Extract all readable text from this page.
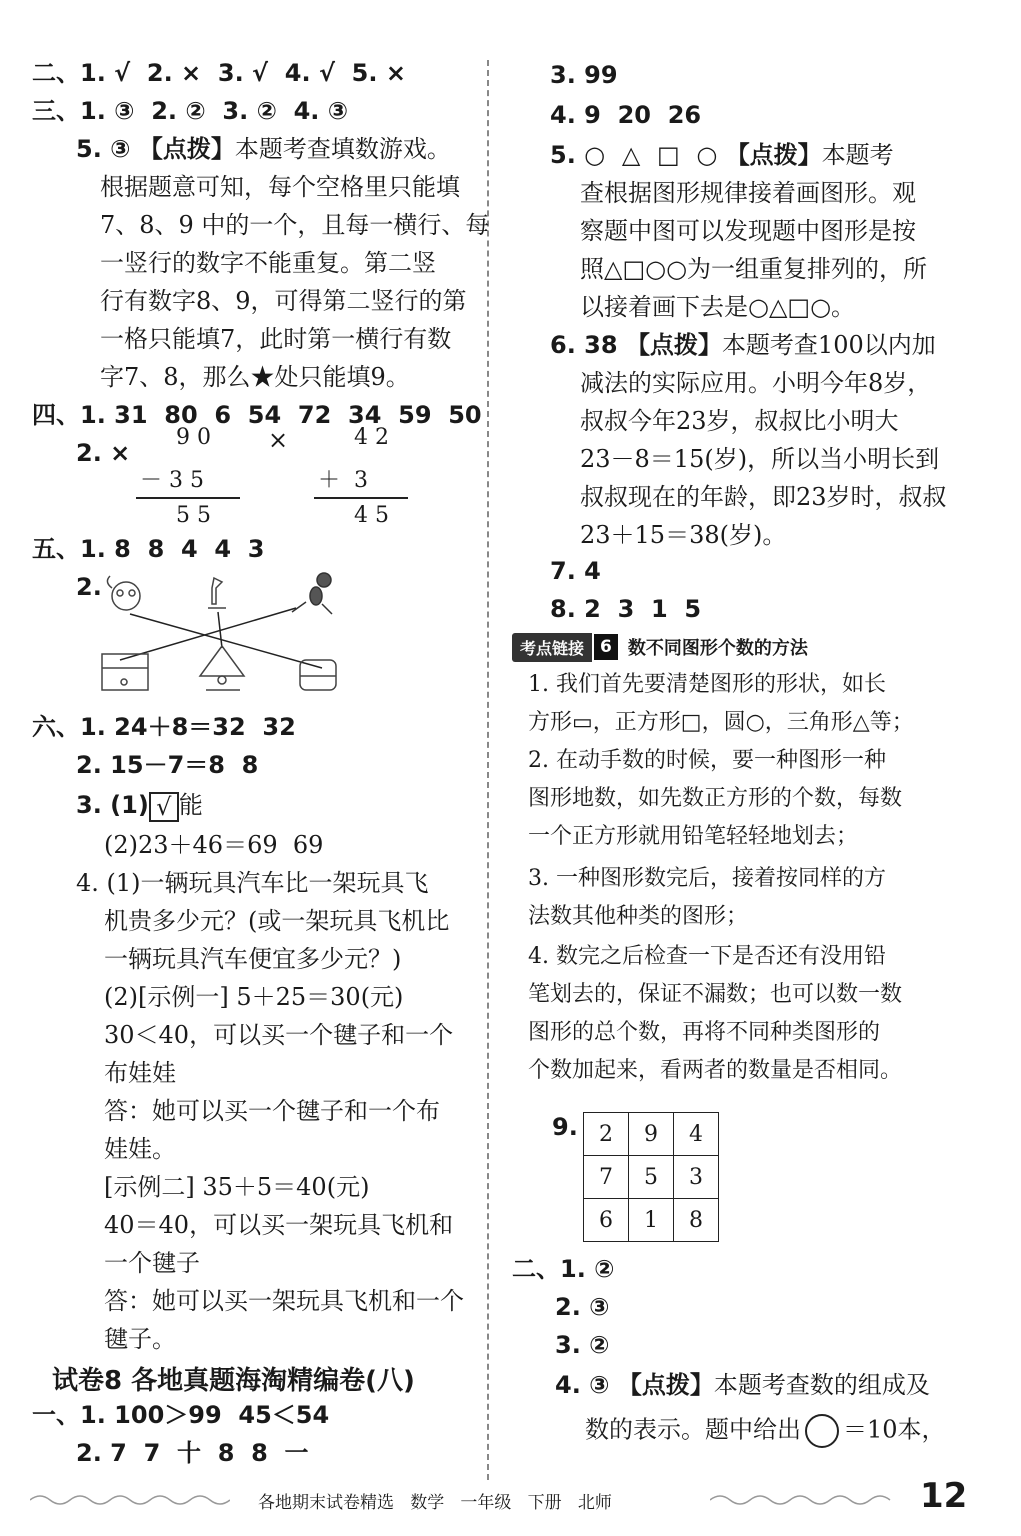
二、1. √  2. ×  3. √  4. √  5. ×
三、1. ③  2. ②  3. ②  4. ③
5. ③ 【点拨】本题考查填数游戏。
根据题意可知，每个空格里只能填
7、8、9 中的一个，且每一横行、每
一竖行的数字不能重复。第二竖
行有数字8、9，可得第二竖行的第
一格只能填7，此时第一横行有数
字7、8，那么★处只能填9。
四、1. 31  80  6  54  72  34  59  50
2. ×
9 0
－ 3 5
5 5
×	4 2
＋  3
4 5
五、1. 8  8  4  4  3
2.
六、1. 24＋8＝32  32
2. 15－7＝8  8
3. (1) √ 能
(2)23＋46＝69  69
4. (1)一辆玩具汽车比一架玩具飞
机贵多少元？(或一架玩具飞机比
一辆玩具汽车便宜多少元？)
(2)[示例一] 5＋25＝30(元)
30＜40，可以买一个毽子和一个
布娃娃
答：她可以买一个毽子和一个布
娃娃。
[示例二] 35＋5＝40(元)
40＝40，可以买一架玩具飞机和
一个毽子
答：她可以买一架玩具飞机和一个
毽子。
试卷8 各地真题海淘精编卷(八)
一、1. 100＞99  45＜54
2. 7  7  十  8  8  一
3. 99
4. 9  20  26
5. ○  △  □  ○ 【点拨】本题考
查根据图形规律接着画图形。观
察题中图可以发现题中图形是按
照△□○○为一组重复排列的，所
以接着画下去是○△□○。
6. 38 【点拨】本题考查100以内加
减法的实际应用。小明今年8岁，
叔叔今年23岁，叔叔比小明大
23－8＝15(岁)，所以当小明长到
叔叔现在的年龄，即23岁时，叔叔
23＋15＝38(岁)。
7. 4
8. 2  3  1  5
考点链接 6 数不同图形个数的方法
1. 我们首先要清楚图形的形状，如长
方形▭，正方形□，圆○，三角形△等；
2. 在动手数的时候，要一种图形一种
图形地数，如先数正方形的个数，每数
一个正方形就用铅笔轻轻地划去；
3. 一种图形数完后，接着按同样的方
法数其他种类的图形；
4. 数完之后检查一下是否还有没用铅
笔划去的，保证不漏数；也可以数一数
图形的总个数，再将不同种类图形的
个数加起来，看两者的数量是否相同。
9. 2	9	4
7	5	3
6	1	8
二、1. ②
2. ③
3. ②
4. ③ 【点拨】本题考查数的组成及
数的表示。题中给出 ＝10本，
各地期末试卷精选   数学   一年级   下册   北师	12
